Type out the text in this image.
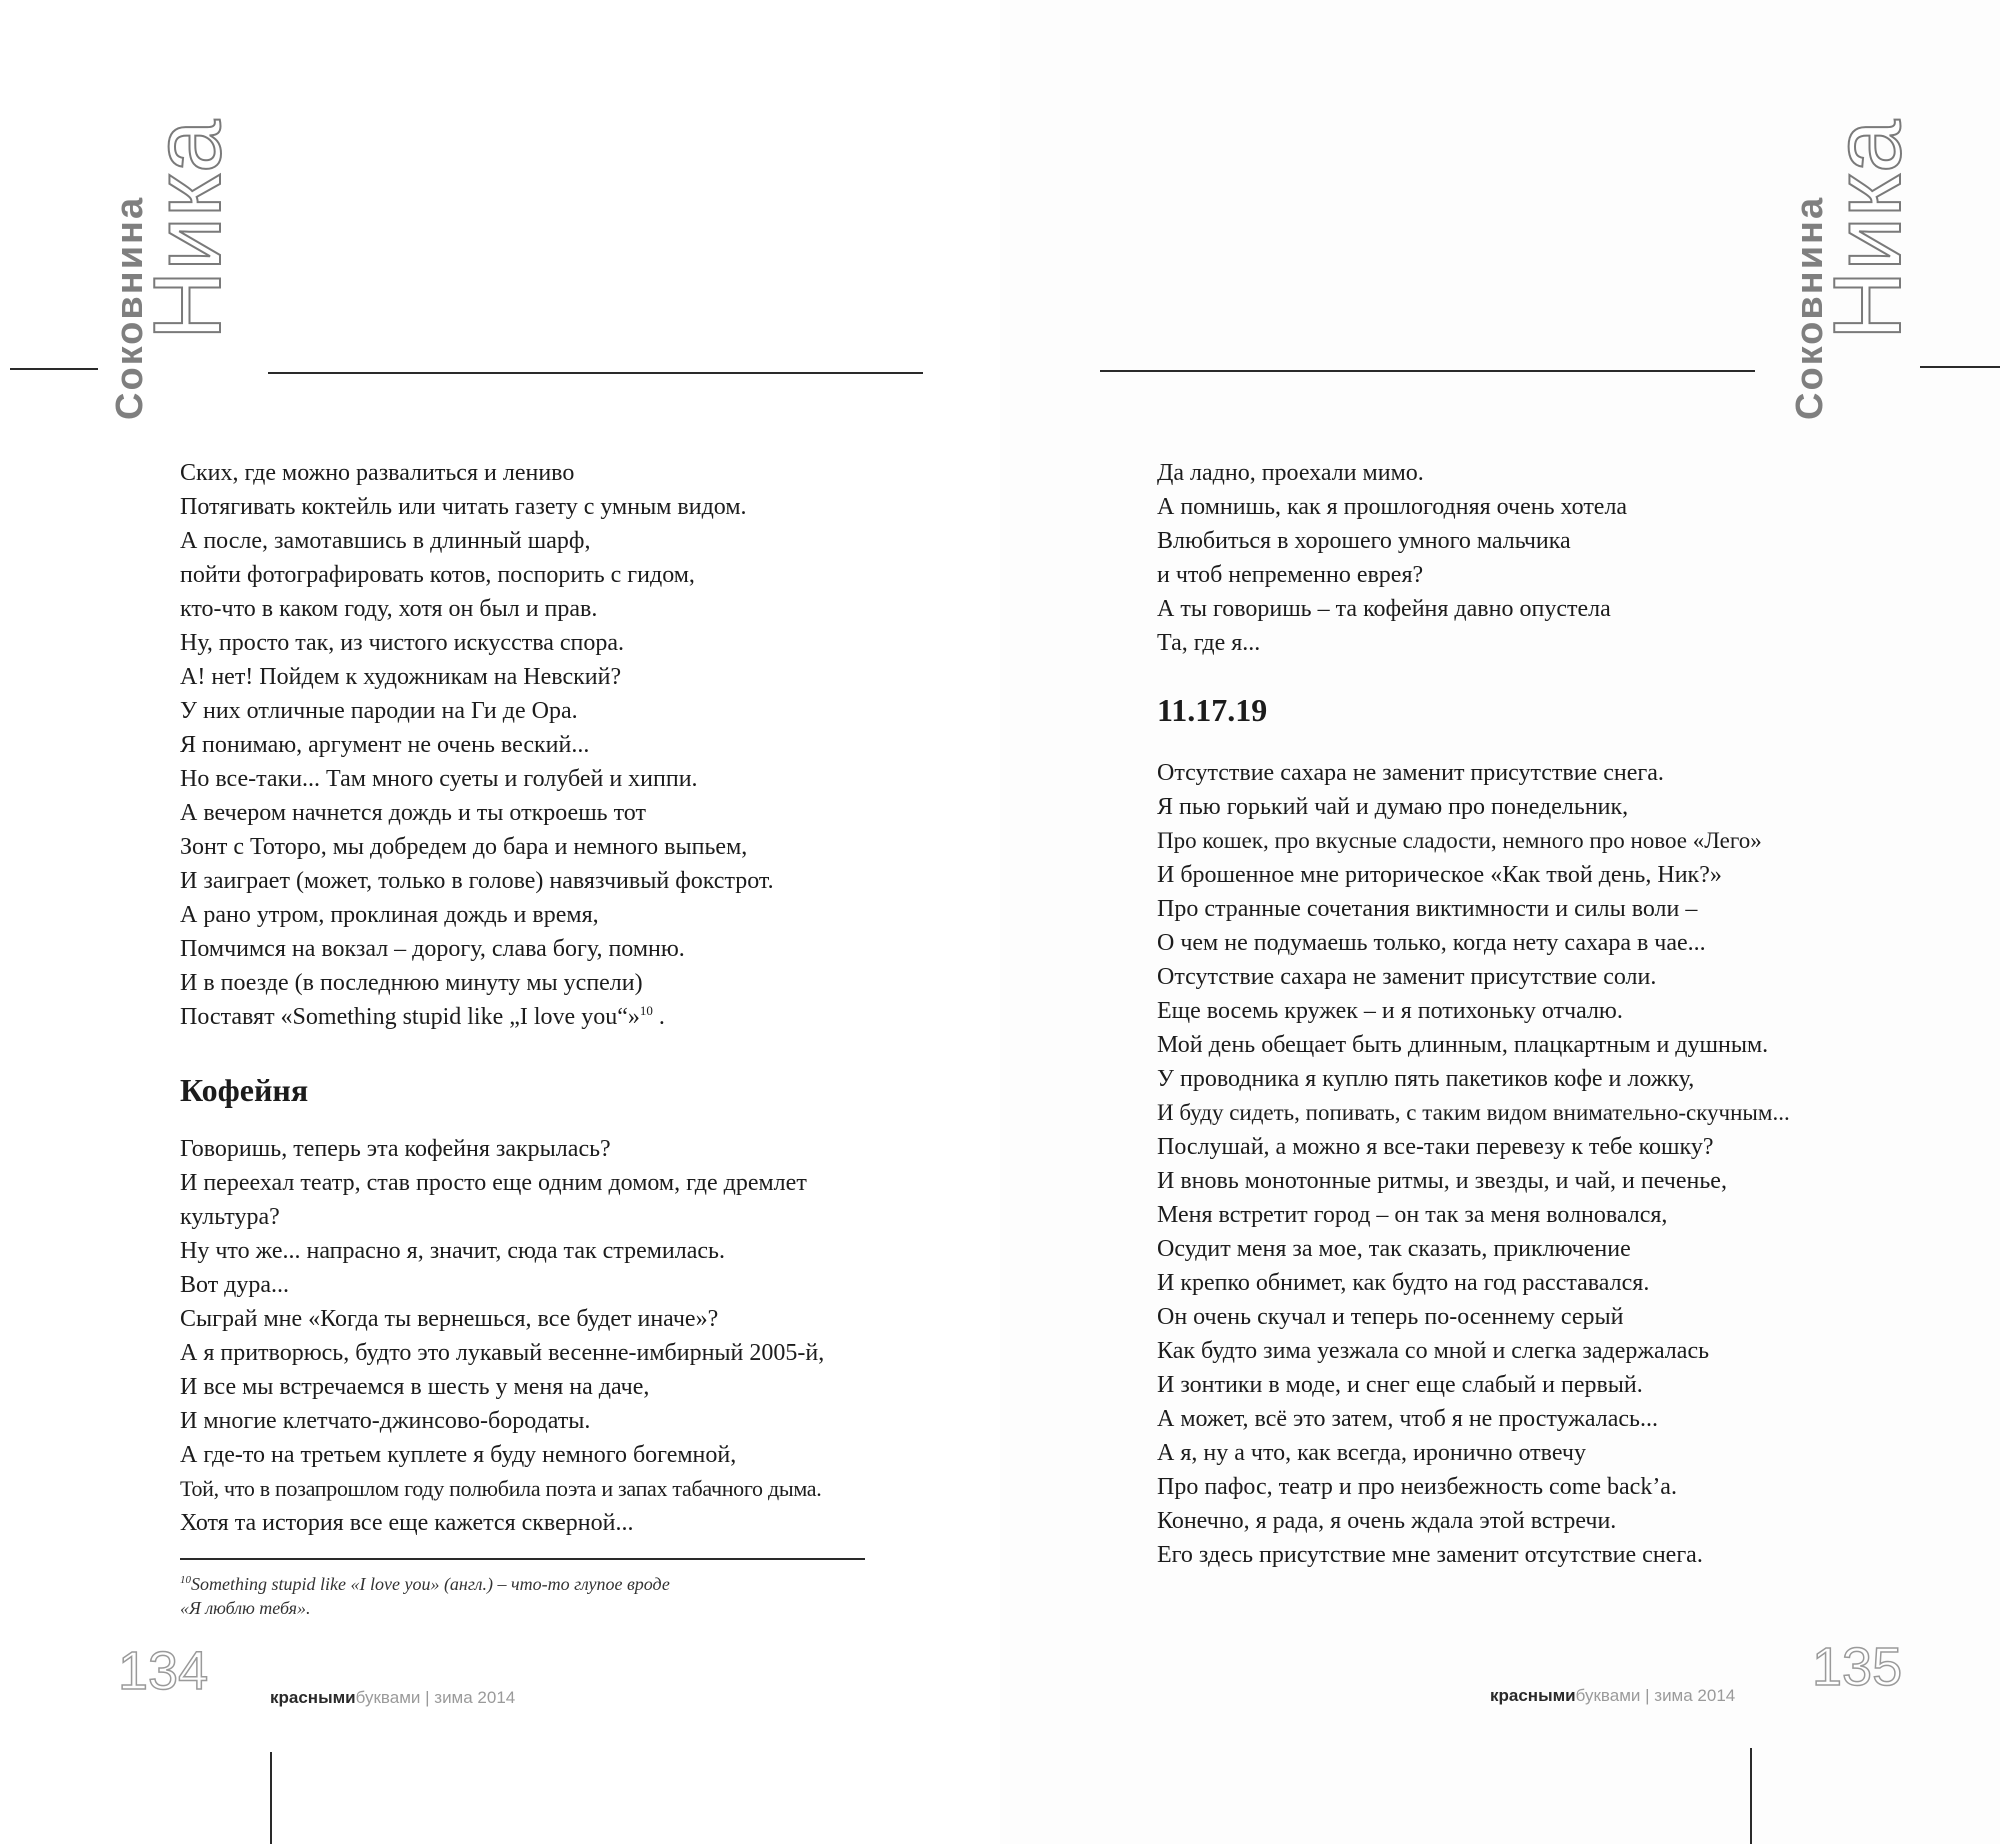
Соковнина
Ника
Ских, где можно развалиться и лениво
Потягивать коктейль или читать газету с умным видом.
А после, замотавшись в длинный шарф,
пойти фотографировать котов, поспорить с гидом,
кто-что в каком году, хотя он был и прав.
Ну, просто так, из чистого искусства спора.
А! нет! Пойдем к художникам на Невский?
У них отличные пародии на Ги де Ора.
Я понимаю, аргумент не очень веский...
Но все-таки... Там много суеты и голубей и хиппи.
А вечером начнется дождь и ты откроешь тот
Зонт с Тоторо, мы добредем до бара и немного выпьем,
И заиграет (может, только в голове) навязчивый фокстрот.
А рано утром, проклиная дождь и время,
Помчимся на вокзал – дорогу, слава богу, помню.
И в поезде (в последнюю минуту мы успели)
Поставят «Something stupid like „I love you“»$^{10}$ .
Кофейня
Говоришь, теперь эта кофейня закрылась?
И переехал театр, став просто еще одним домом, где дремлет
культура?
Ну что же... напрасно я, значит, сюда так стремилась.
Вот дура...
Сыграй мне «Когда ты вернешься, все будет иначе»?
А я притворюсь, будто это лукавый весенне-имбирный 2005-й,
И все мы встречаемся в шесть у меня на даче,
И многие клетчато-джинсово-бородаты.
А где-то на третьем куплете я буду немного богемной,
Той, что в позапрошлом году полюбила поэта и запах табачного дыма.
Хотя та история все еще кажется скверной...
$^{10}$Something stupid like «I love you» (англ.) – что-то глупое вроде
«Я люблю тебя».
134	краснымибуквами | зима 2014
Соковнина
Ника
Да ладно, проехали мимо.
А помнишь, как я прошлогодняя очень хотела
Влюбиться в хорошего умного мальчика
и чтоб непременно еврея?
А ты говоришь – та кофейня давно опустела
Та, где я...
11.17.19
Отсутствие сахара не заменит присутствие снега.
Я пью горький чай и думаю про понедельник,
Про кошек, про вкусные сладости, немного про новое «Лего»
И брошенное мне риторическое «Как твой день, Ник?»
Про странные сочетания виктимности и силы воли –
О чем не подумаешь только, когда нету сахара в чае...
Отсутствие сахара не заменит присутствие соли.
Еще восемь кружек – и я потихоньку отчалю.
Мой день обещает быть длинным, плацкартным и душным.
У проводника я куплю пять пакетиков кофе и ложку,
И буду сидеть, попивать, с таким видом внимательно-скучным...
Послушай, а можно я все-таки перевезу к тебе кошку?
И вновь монотонные ритмы, и звезды, и чай, и печенье,
Меня встретит город – он так за меня волновался,
Осудит меня за мое, так сказать, приключение
И крепко обнимет, как будто на год расставался.
Он очень скучал и теперь по-осеннему серый
Как будто зима уезжала со мной и слегка задержалась
И зонтики в моде, и снег еще слабый и первый.
А может, всё это затем, чтоб я не простужалась...
А я, ну а что, как всегда, иронично отвечу
Про пафос, театр и про неизбежность come back’а.
Конечно, я рада, я очень ждала этой встречи.
Его здесь присутствие мне заменит отсутствие снега.
краснымибуквами | зима 2014 135
